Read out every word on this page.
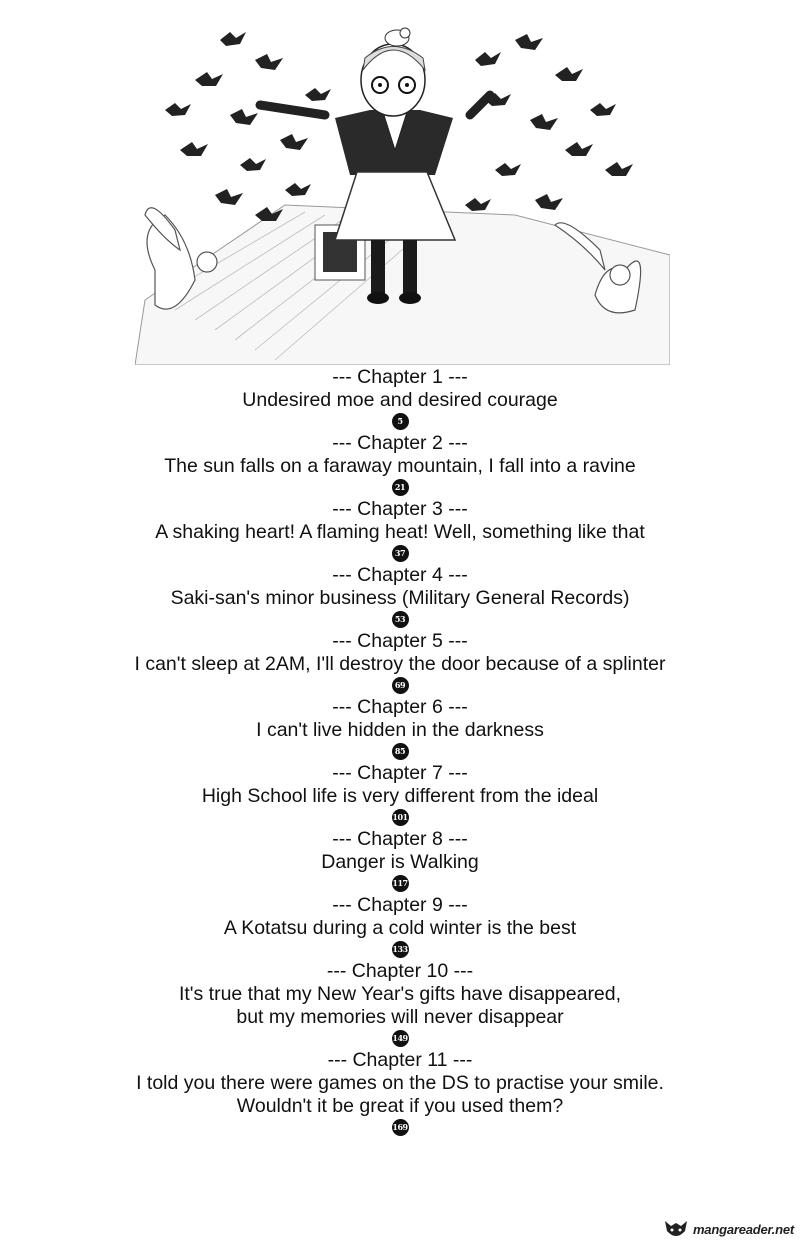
--- Chapter 1 ---

Undesired moe and desired courage

5

--- Chapter 2 ---

The sun falls on a faraway mountain, I fall into a ravine

21

--- Chapter 3 ---

A shaking heart! A flaming heat! Well, something like that

37

--- Chapter 4 ---

Saki-san's minor business (Military General Records)

53

--- Chapter 5 ---

I can't sleep at 2AM, I'll destroy the door because of a splinter

69

--- Chapter 6 ---

I can't live hidden in the darkness

85

--- Chapter 7 ---

High School life is very different from the ideal

101

--- Chapter 8 ---

Danger is Walking

117

--- Chapter 9 ---

A Kotatsu during a cold winter is the best

133

--- Chapter 10 ---

It's true that my New Year's gifts have disappeared,

but my memories will never disappear

149

--- Chapter 11 ---

I told you there were games on the DS to practise your smile.

Wouldn't it be great if you used them?

169
mangareader.net
